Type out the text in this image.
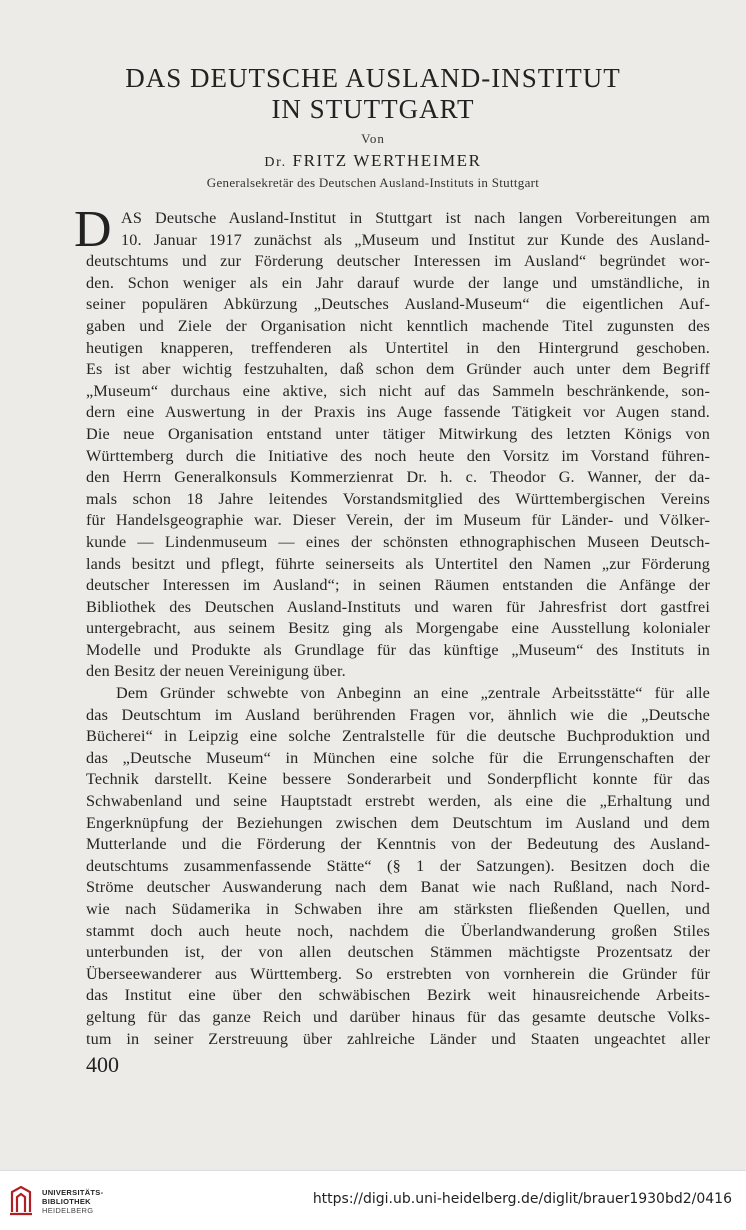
DAS DEUTSCHE AUSLAND-INSTITUT
IN STUTTGART
Von
Dr. FRITZ WERTHEIMER
Generalsekretär des Deutschen Ausland-Instituts in Stuttgart
D AS Deutsche Ausland-Institut in Stuttgart ist nach langen Vorbereitungen am
10. Januar 1917 zunächst als „Museum und Institut zur Kunde des Ausland-
deutschtums und zur Förderung deutscher Interessen im Ausland“ begründet wor-
den. Schon weniger als ein Jahr darauf wurde der lange und umständliche, in
seiner populären Abkürzung „Deutsches Ausland-Museum“ die eigentlichen Auf-
gaben und Ziele der Organisation nicht kenntlich machende Titel zugunsten des
heutigen knapperen, treffenderen als Untertitel in den Hintergrund geschoben.
Es ist aber wichtig festzuhalten, daß schon dem Gründer auch unter dem Begriff
„Museum“ durchaus eine aktive, sich nicht auf das Sammeln beschränkende, son-
dern eine Auswertung in der Praxis ins Auge fassende Tätigkeit vor Augen stand.
Die neue Organisation entstand unter tätiger Mitwirkung des letzten Königs von
Württemberg durch die Initiative des noch heute den Vorsitz im Vorstand führen-
den Herrn Generalkonsuls Kommerzienrat Dr. h. c. Theodor G. Wanner, der da-
mals schon 18 Jahre leitendes Vorstandsmitglied des Württembergischen Vereins
für Handelsgeographie war. Dieser Verein, der im Museum für Länder- und Völker-
kunde — Lindenmuseum — eines der schönsten ethnographischen Museen Deutsch-
lands besitzt und pflegt, führte seinerseits als Untertitel den Namen „zur Förderung
deutscher Interessen im Ausland“; in seinen Räumen entstanden die Anfänge der
Bibliothek des Deutschen Ausland-Instituts und waren für Jahresfrist dort gastfrei
untergebracht, aus seinem Besitz ging als Morgengabe eine Ausstellung kolonialer
Modelle und Produkte als Grundlage für das künftige „Museum“ des Instituts in
den Besitz der neuen Vereinigung über.
Dem Gründer schwebte von Anbeginn an eine „zentrale Arbeitsstätte“ für alle
das Deutschtum im Ausland berührenden Fragen vor, ähnlich wie die „Deutsche
Bücherei“ in Leipzig eine solche Zentralstelle für die deutsche Buchproduktion und
das „Deutsche Museum“ in München eine solche für die Errungenschaften der
Technik darstellt. Keine bessere Sonderarbeit und Sonderpflicht konnte für das
Schwabenland und seine Hauptstadt erstrebt werden, als eine die „Erhaltung und
Engerknüpfung der Beziehungen zwischen dem Deutschtum im Ausland und dem
Mutterlande und die Förderung der Kenntnis von der Bedeutung des Ausland-
deutschtums zusammenfassende Stätte“ (§ 1 der Satzungen). Besitzen doch die
Ströme deutscher Auswanderung nach dem Banat wie nach Rußland, nach Nord-
wie nach Südamerika in Schwaben ihre am stärksten fließenden Quellen, und
stammt doch auch heute noch, nachdem die Überlandwanderung großen Stiles
unterbunden ist, der von allen deutschen Stämmen mächtigste Prozentsatz der
Überseewanderer aus Württemberg. So erstrebten von vornherein die Gründer für
das Institut eine über den schwäbischen Bezirk weit hinausreichende Arbeits-
geltung für das ganze Reich und darüber hinaus für das gesamte deutsche Volks-
tum in seiner Zerstreuung über zahlreiche Länder und Staaten ungeachtet aller
400
UNIVERSITÄTS-
BIBLIOTHEK
HEIDELBERG
https://digi.ub.uni-heidelberg.de/diglit/brauer1930bd2/0416
